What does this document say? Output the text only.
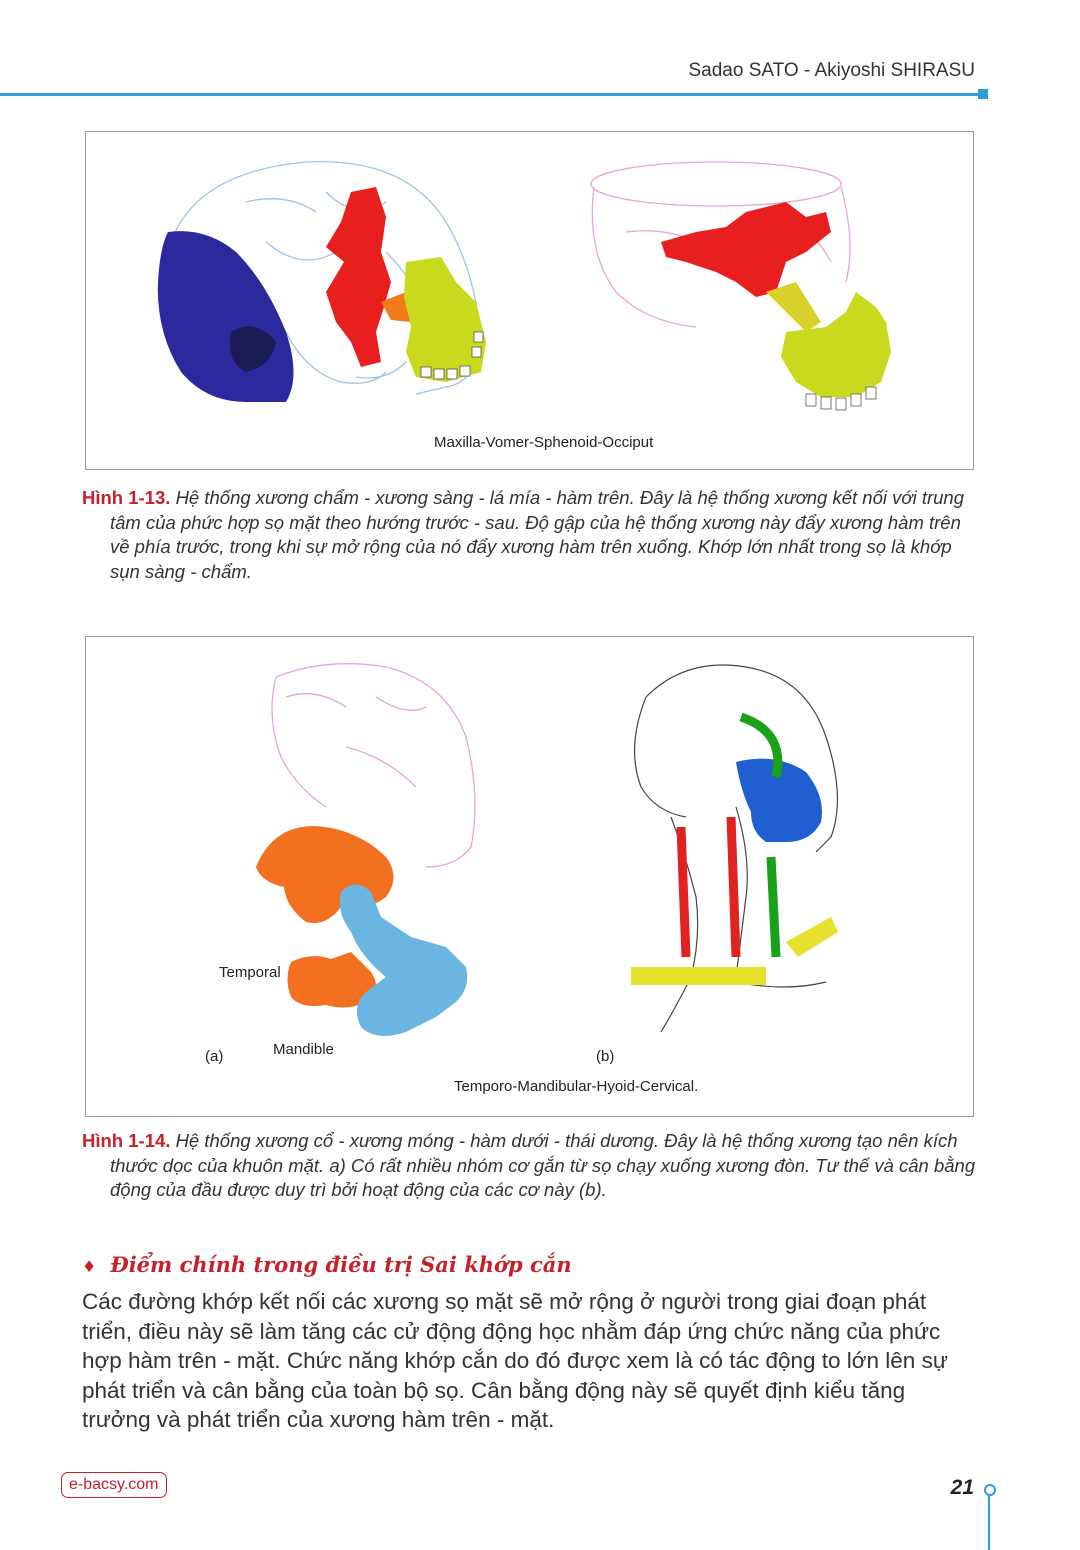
Sadao SATO - Akiyoshi SHIRASU
Maxilla-Vomer-Sphenoid-Occiput
Hình 1-13. Hệ thống xương chẩm - xương sàng - lá mía - hàm trên. Đây là hệ thống xương kết nối với trung tâm của phức hợp sọ mặt theo hướng trước - sau. Độ gập của hệ thống xương này đẩy xương hàm trên về phía trước, trong khi sự mở rộng của nó đẩy xương hàm trên xuống. Khớp lớn nhất trong sọ là khớp sụn sàng - chẩm.
Temporal
Mandible
(a)	(b)
Temporo-Mandibular-Hyoid-Cervical.
Hình 1-14. Hệ thống xương cổ - xương móng - hàm dưới - thái dương. Đây là hệ thống xương tạo nên kích thước dọc của khuôn mặt. a) Có rất nhiều nhóm cơ gắn từ sọ chạy xuống xương đòn. Tư thế và cân bằng động của đầu được duy trì bởi hoạt động của các cơ này (b).
♦ Điểm chính trong điều trị Sai khớp cắn
Các đường khớp kết nối các xương sọ mặt sẽ mở rộng ở người trong giai đoạn phát triển, điều này sẽ làm tăng các cử động động học nhằm đáp ứng chức năng của phức hợp hàm trên - mặt. Chức năng khớp cắn do đó được xem là có tác động to lớn lên sự phát triển và cân bằng của toàn bộ sọ. Cân bằng động này sẽ quyết định kiểu tăng trưởng và phát triển của xương hàm trên - mặt.
e-bacsy.com	21
